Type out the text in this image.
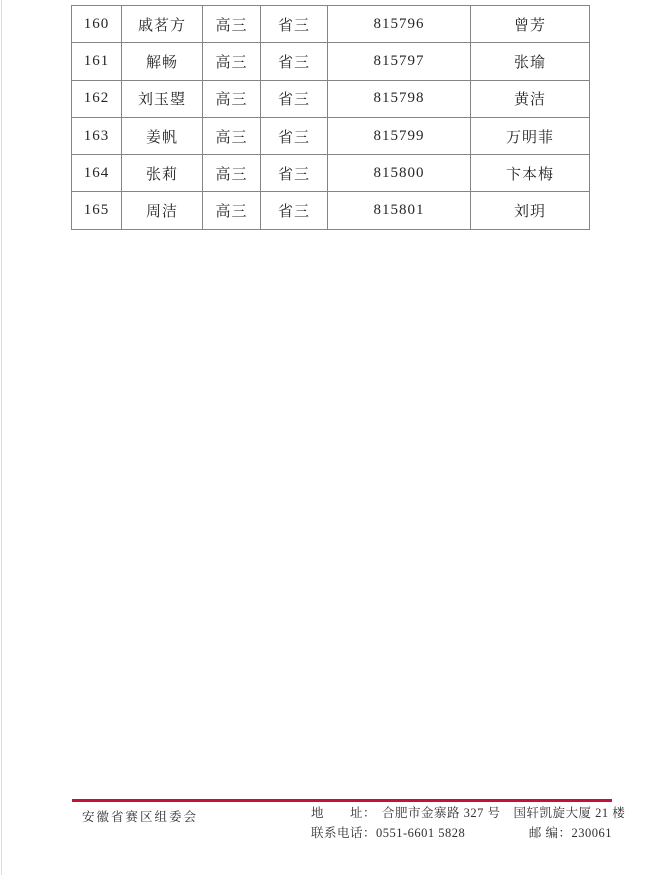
160	戚茗方	高三	省三	815796	曾芳
161	解畅	高三	省三	815797	张瑜
162	刘玉曌	高三	省三	815798	黄洁
163	姜帆	高三	省三	815799	万明菲
164	张莉	高三	省三	815800	卞本梅
165	周洁	高三	省三	815801	刘玥
安徽省赛区组委会	地　　址： 合肥市金寨路 327 号　国轩凯旋大厦 21 楼
联系电话：0551-6601 5828	邮 编：230061
